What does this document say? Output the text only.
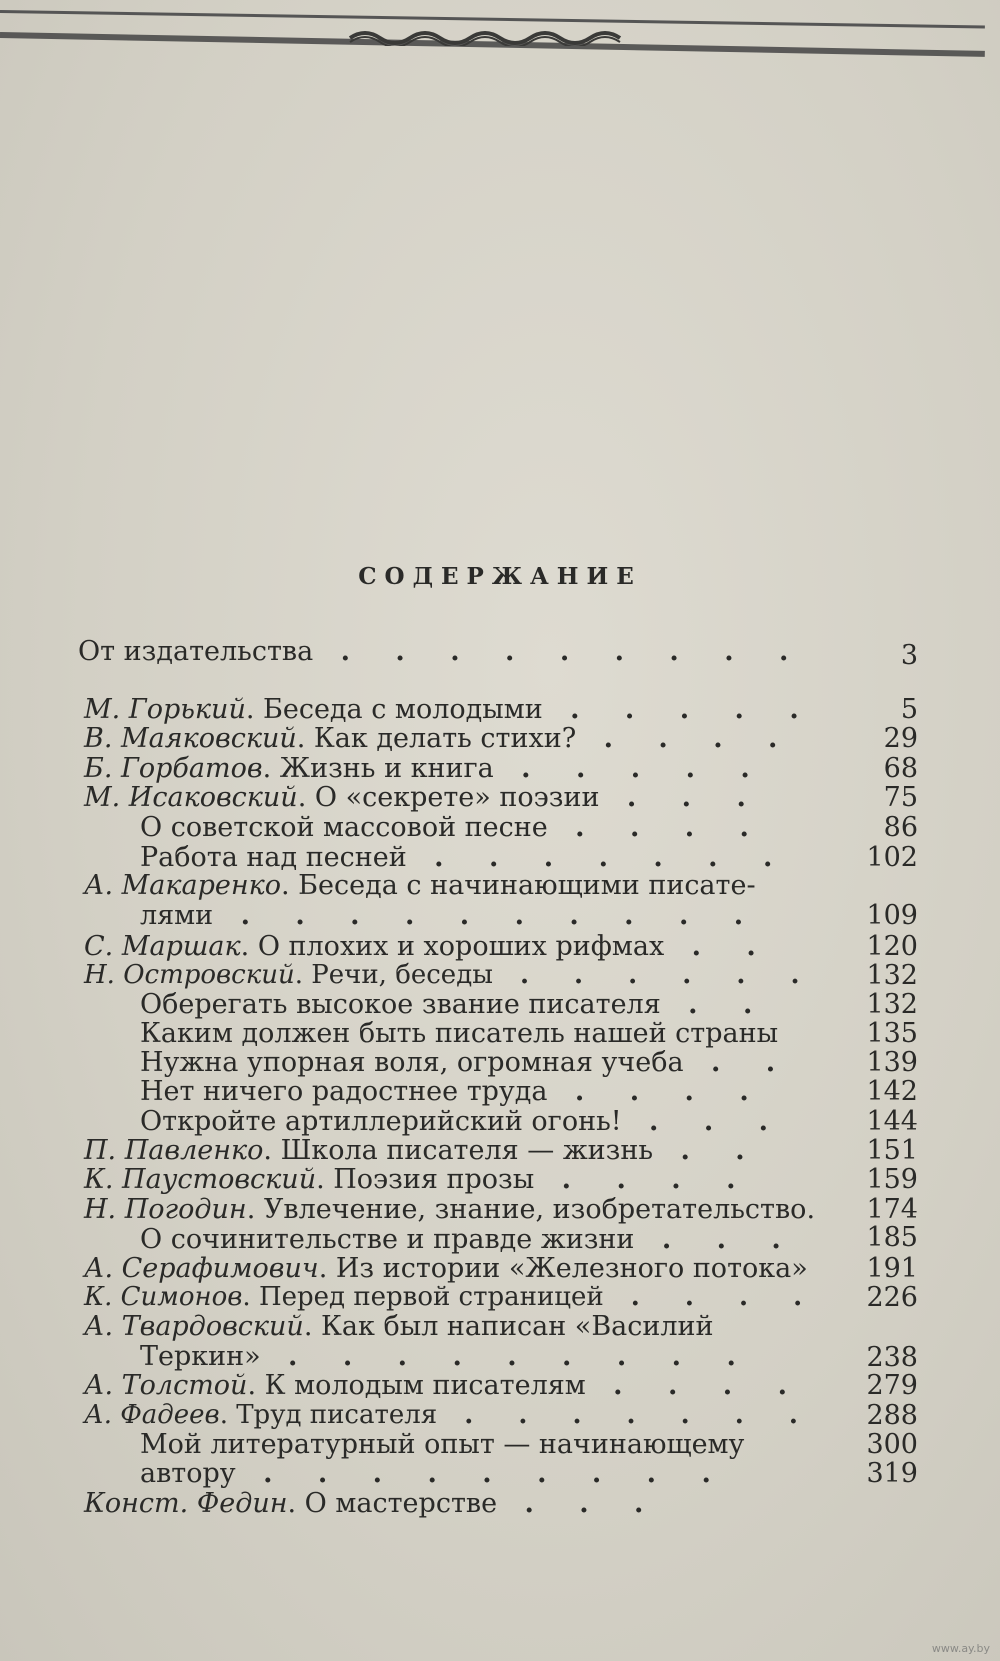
СОДЕРЖАНИЕ
От издательства . . . . . . . . .	3
М. Горький. Беседа с молодыми . . . . .	5
В. Маяковский. Как делать стихи? . . . .	29
Б. Горбатов. Жизнь и книга . . . . .	68
М. Исаковский. О «секрете» поэзии . . .	75
О советской массовой песне . . . .	86
Работа над песней . . . . . . .	102
А. Макаренко. Беседа с начинающими писате-
лями . . . . . . . . . .	109
С. Маршак. О плохих и хороших рифмах . .	120
Н. Островский. Речи, беседы . . . . . .	132
Оберегать высокое звание писателя . .	132
Каким должен быть писатель нашей страны	135
Нужна упорная воля, огромная учеба . .	139
Нет ничего радостнее труда . . . .	142
Откройте артиллерийский огонь! . . .	144
П. Павленко. Школа писателя — жизнь . .	151
К. Паустовский. Поэзия прозы . . . .	159
Н. Погодин. Увлечение, знание, изобретательство.	174
О сочинительстве и правде жизни . . .	185
А. Серафимович. Из истории «Железного потока»	191
К. Симонов. Перед первой страницей . . . .	226
А. Твардовский. Как был написан «Василий
Теркин» . . . . . . . . .	238
А. Толстой. К молодым писателям . . . .	279
А. Фадеев. Труд писателя . . . . . . .	288
Мой литературный опыт — начинающему	300
автору . . . . . . . . .	319
Конст. Федин. О мастерстве . . .
www.ay.by
